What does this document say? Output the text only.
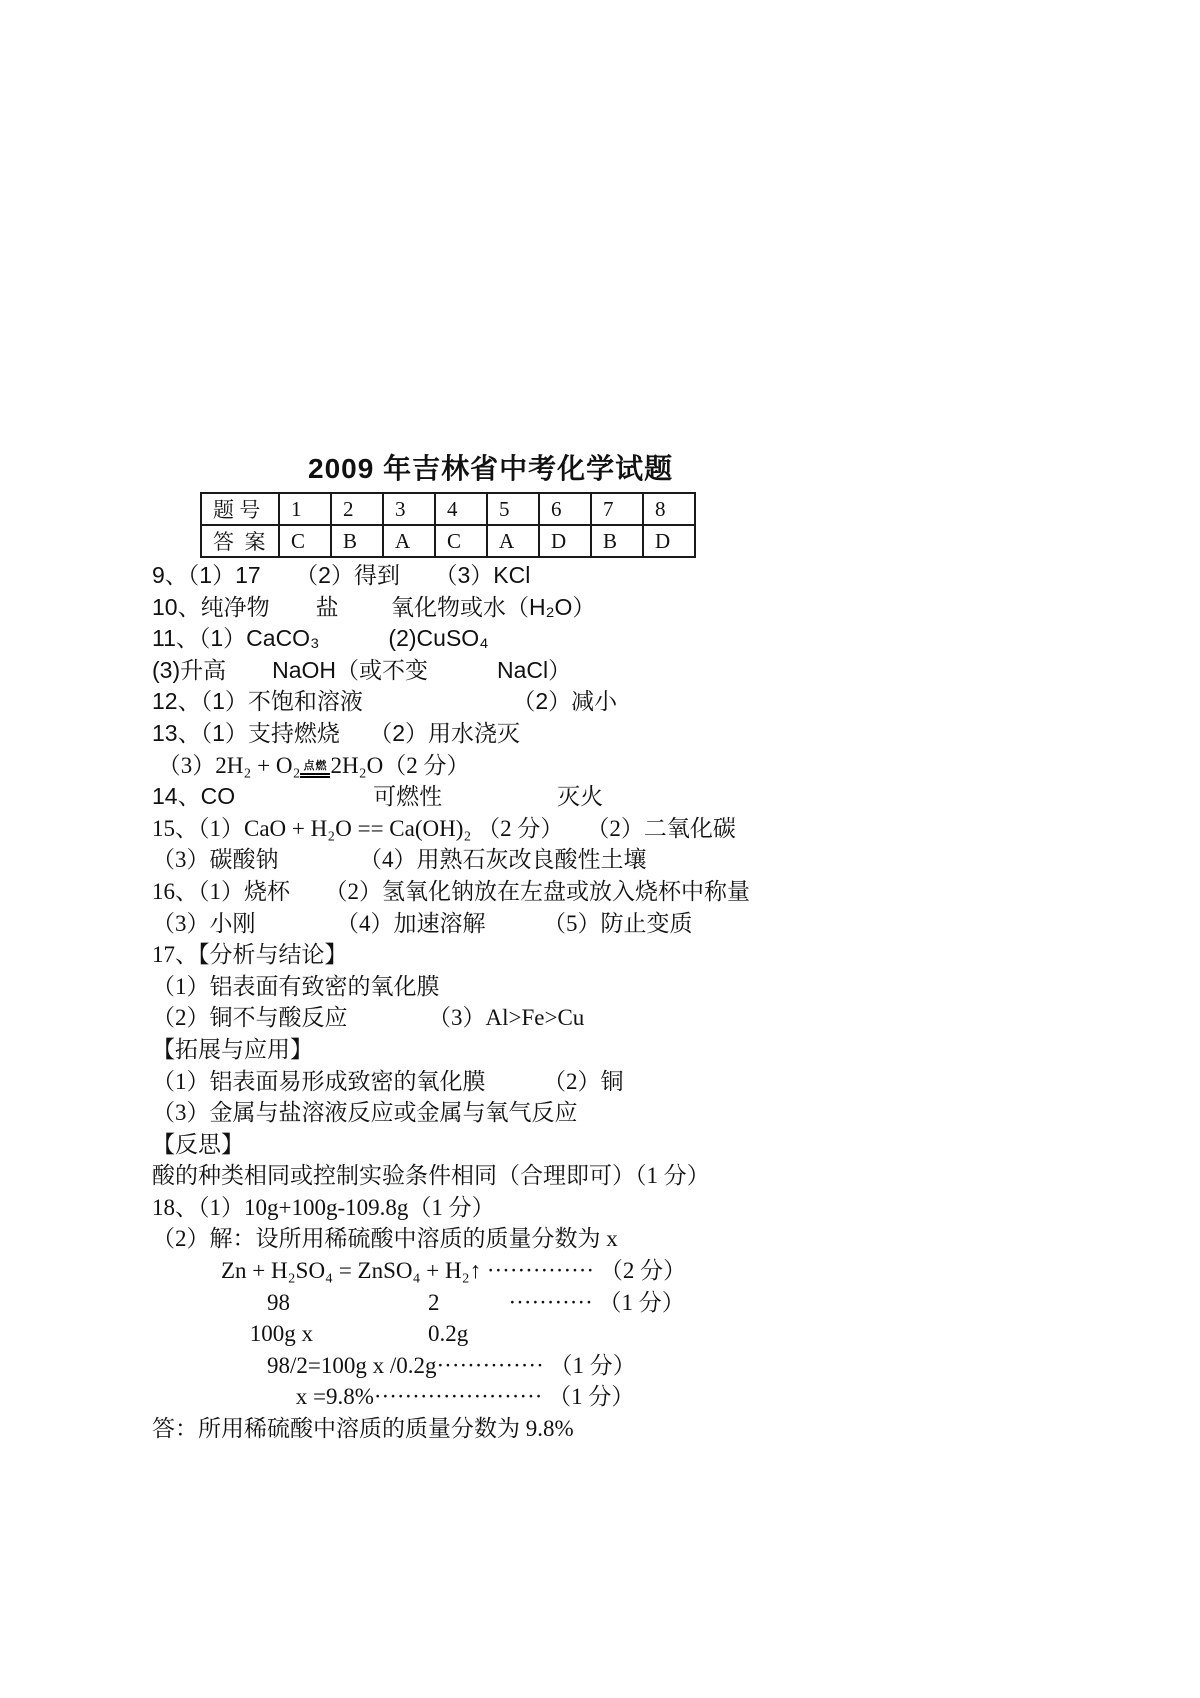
2009 年吉林省中考化学试题
题 号	1	2	3	4	5	6	7	8
答  案	C	B	A	C	A	D	B	D
9、（1）17　　（2）得到　　（3）KCl
10、纯净物　　盐　　 氧化物或水（H₂O）
11、（1）CaCO₃　　　(2)CuSO₄
(3)升高　　NaOH（或不变　　　NaCl）
12、（1）不饱和溶液　　　　　　　（2）减小
13、（1）支持燃烧　 （2）用水浇灭
（3）2H₂ + O₂ 点燃 2H₂O（2 分）
14、CO　　　　　　可燃性　　　　　灭火
15、（1）CaO + H₂O == Ca(OH)₂ （2 分）　　（2）二氧化碳
（3）碳酸钠　　　　（4）用熟石灰改良酸性土壤
16、（1）烧杯　　（2）氢氧化钠放在左盘或放入烧杯中称量
（3）小刚　　　　（4）加速溶解　　　（5）防止变质
17、【分析与结论】
（1）铝表面有致密的氧化膜
（2）铜不与酸反应　　　　（3）Al>Fe>Cu
【拓展与应用】
（1）铝表面易形成致密的氧化膜　　　（2）铜
（3）金属与盐溶液反应或金属与氧气反应
【反思】
酸的种类相同或控制实验条件相同（合理即可）（1 分）
18、（1）10g+100g-109.8g（1 分）
（2）解：设所用稀硫酸中溶质的质量分数为 x
　　　Zn + H₂SO₄ = ZnSO₄ + H₂↑ ·············· （2 分）
　　　　　98　　　　　　2　　　··········· （1 分）
　　　　 100g x　　　　　0.2g
　　　　　98/2=100g x /0.2g·············· （1 分）
　　　　　　 x =9.8%······················ （1 分）
答：所用稀硫酸中溶质的质量分数为 9.8%
